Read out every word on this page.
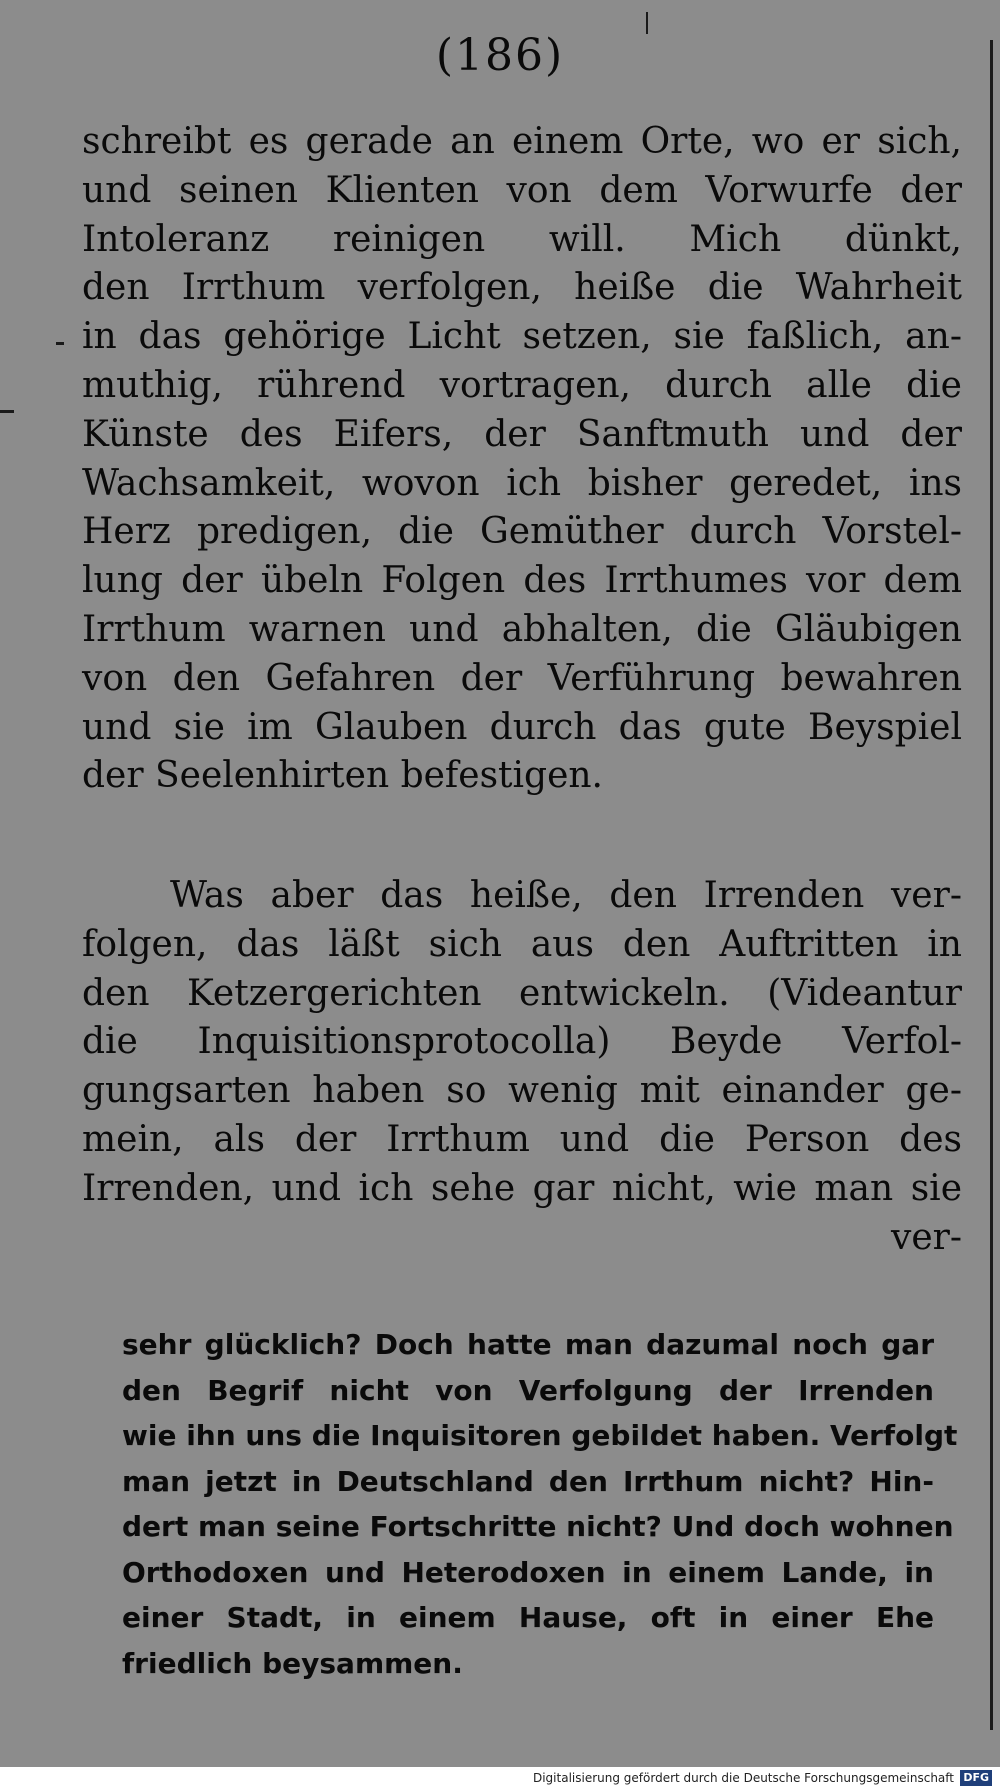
(186)
schreibt es gerade an einem Orte, wo er sich,
und seinen Klienten von dem Vorwurfe der
Intoleranz reinigen will. Mich dünkt,
den Irrthum verfolgen, heiße die Wahrheit
in das gehörige Licht setzen, sie faßlich, an-
muthig, rührend vortragen, durch alle die
Künste des Eifers, der Sanftmuth und der
Wachsamkeit, wovon ich bisher geredet, ins
Herz predigen, die Gemüther durch Vorstel-
lung der übeln Folgen des Irrthumes vor dem
Irrthum warnen und abhalten, die Gläubigen
von den Gefahren der Verführung bewahren
und sie im Glauben durch das gute Beyspiel
der Seelenhirten befestigen.
Was aber das heiße, den Irrenden ver-
folgen, das läßt sich aus den Auftritten in
den Ketzergerichten entwickeln. (Videantur
die Inquisitionsprotocolla) Beyde Verfol-
gungsarten haben so wenig mit einander ge-
mein, als der Irrthum und die Person des
Irrenden, und ich sehe gar nicht, wie man sie
ver-
sehr glücklich? Doch hatte man dazumal noch gar
den Begrif nicht von Verfolgung der Irrenden
wie ihn uns die Inquisitoren gebildet haben. Verfolgt
man jetzt in Deutschland den Irrthum nicht? Hin-
dert man seine Fortschritte nicht? Und doch wohnen
Orthodoxen und Heterodoxen in einem Lande, in
einer Stadt, in einem Hause, oft in einer Ehe
friedlich beysammen.
Digitalisierung gefördert durch die Deutsche Forschungsgemeinschaft DFG
